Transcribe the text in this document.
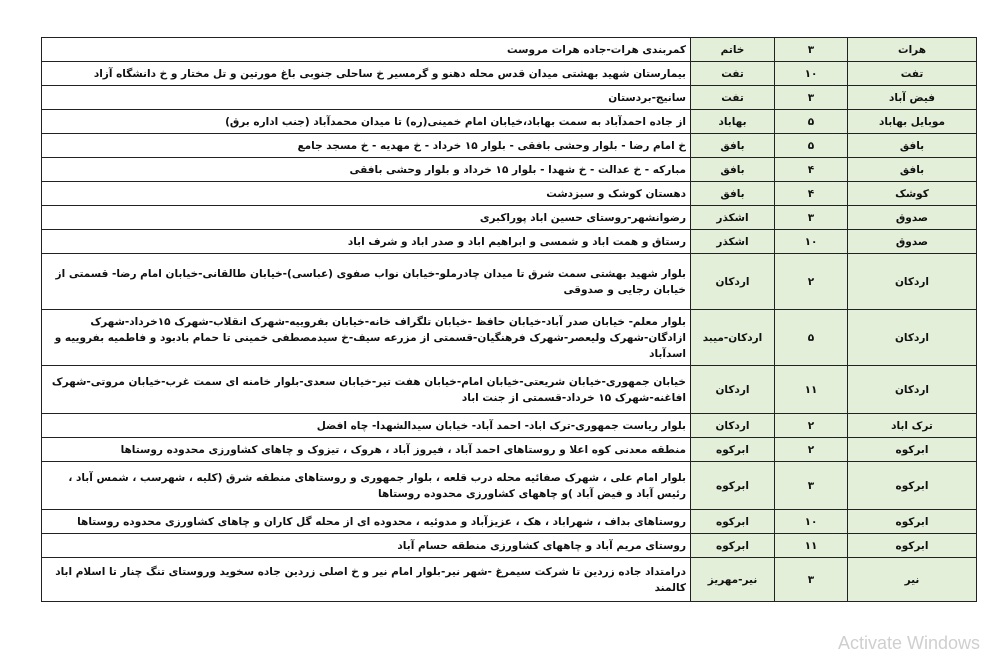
هرات	۳	خاتم	کمربندی هرات-جاده هرات مروست
تفت	۱۰	تفت	بیمارستان شهید بهشتی میدان قدس محله دهنو و گرمسیر خ ساحلی جنوبی باغ مورتین و تل مختار و خ دانشگاه آزاد
فیض آباد	۳	تفت	سانیج-بردستان
موبایل بهاباد	۵	بهاباد	از جاده احمدآباد به سمت بهاباد،خیابان امام خمینی(ره) تا میدان محمدآباد (جنب اداره برق)
بافق	۵	بافق	خ امام رضا - بلوار وحشی بافقی - بلوار ۱۵ خرداد - خ مهدیه - خ مسجد جامع
بافق	۴	بافق	مبارکه - خ عدالت - خ شهدا - بلوار ۱۵ خرداد و بلوار وحشی بافقی
کوشک	۴	بافق	دهستان کوشک و سبزدشت
صدوق	۳	اشکذر	رضوانشهر-روستای حسین اباد پوراکبری
صدوق	۱۰	اشکذر	رستاق و همت اباد و شمسی و ابراهیم اباد و صدر اباد و شرف اباد
اردکان	۲	اردکان	بلوار شهید بهشتی سمت شرق تا میدان چادرملو-خیابان نواب صفوی (عباسی)-خیابان طالقانی-خیابان امام رضا- قسمتی از خیابان رجایی و صدوقی
اردکان	۵	اردکان-میبد	بلوار معلم- خیابان صدر آباد-خیابان حافظ -خیابان تلگراف خانه-خیابان بفروییه-شهرک انقلاب-شهرک ۱۵خرداد-شهرک ازادگان-شهرک ولیعصر-شهرک فرهنگیان-قسمتی از مزرعه سیف-خ سیدمصطفی خمینی تا حمام بادبود و فاطمیه بفروییه و اسدآباد
اردکان	۱۱	اردکان	خیابان جمهوری-خیابان شریعتی-خیابان امام-خیابان هفت تیر-خیابان سعدی-بلوار خامنه ای سمت غرب-خیابان مروتی-شهرک افاغنه-شهرک ۱۵ خرداد-قسمتی از جنت اباد
ترک اباد	۲	اردکان	بلوار ریاست جمهوری-ترک اباد- احمد آباد- خیابان سیدالشهدا- چاه افضل
ابرکوه	۲	ابرکوه	منطقه معدنی کوه اعلا و روستاهای احمد آباد ، فیروز آباد ، هروک ، تیزوک و چاهای کشاورزی محدوده روستاها
ابرکوه	۳	ابرکوه	بلوار امام علی ، شهرک صفائیه محله درب قلعه ، بلوار جمهوری و روستاهای منطقه شرق (کلیه ، شهرسب ، شمس آباد ، رئیس آباد و فیض آباد )و چاههای کشاورزی محدوده روستاها
ابرکوه	۱۰	ابرکوه	روستاهای بداف ، شهراباد ، هک ، عزیزآباد و مدوئیه ، محدوده ای از محله گل کاران و چاهای کشاورزی محدوده روستاها
ابرکوه	۱۱	ابرکوه	روستای مریم آباد و چاههای کشاورزی منطقه حسام آباد
نیر	۳	نیر-مهریز	درامتداد جاده زردین تا شرکت سیمرغ -شهر نیر-بلوار امام نیر و خ اصلی زردین جاده سخوید وروستای تنگ چنار تا اسلام اباد کالمند
Activate Windows
